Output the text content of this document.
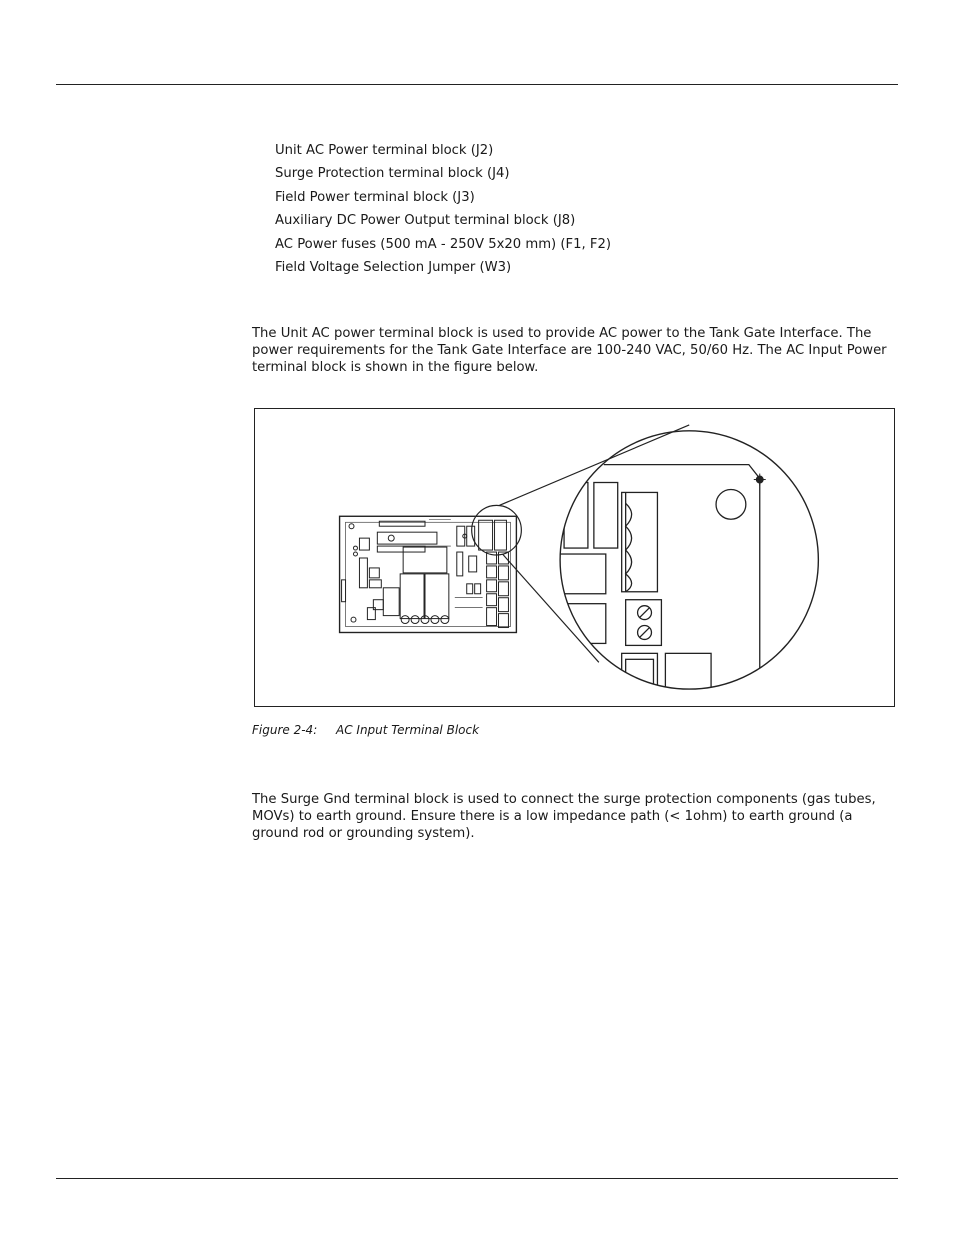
Unit AC Power terminal block (J2)
Surge Protection terminal block (J4)
Field Power terminal block (J3)
Auxiliary DC Power Output terminal block (J8)
AC Power fuses (500 mA - 250V 5x20 mm) (F1, F2)
Field Voltage Selection Jumper (W3)

The Unit AC power terminal block is used to provide AC power to the Tank Gate Interface. The power requirements for the Tank Gate Interface are 100-240 VAC, 50/60 Hz. The AC Input Power terminal block is shown in the figure below.

Figure 2-4: AC Input Terminal Block

The Surge Gnd terminal block is used to connect the surge protection components (gas tubes, MOVs) to earth ground. Ensure there is a low impedance path (< 1ohm) to earth ground (a ground rod or grounding system).
